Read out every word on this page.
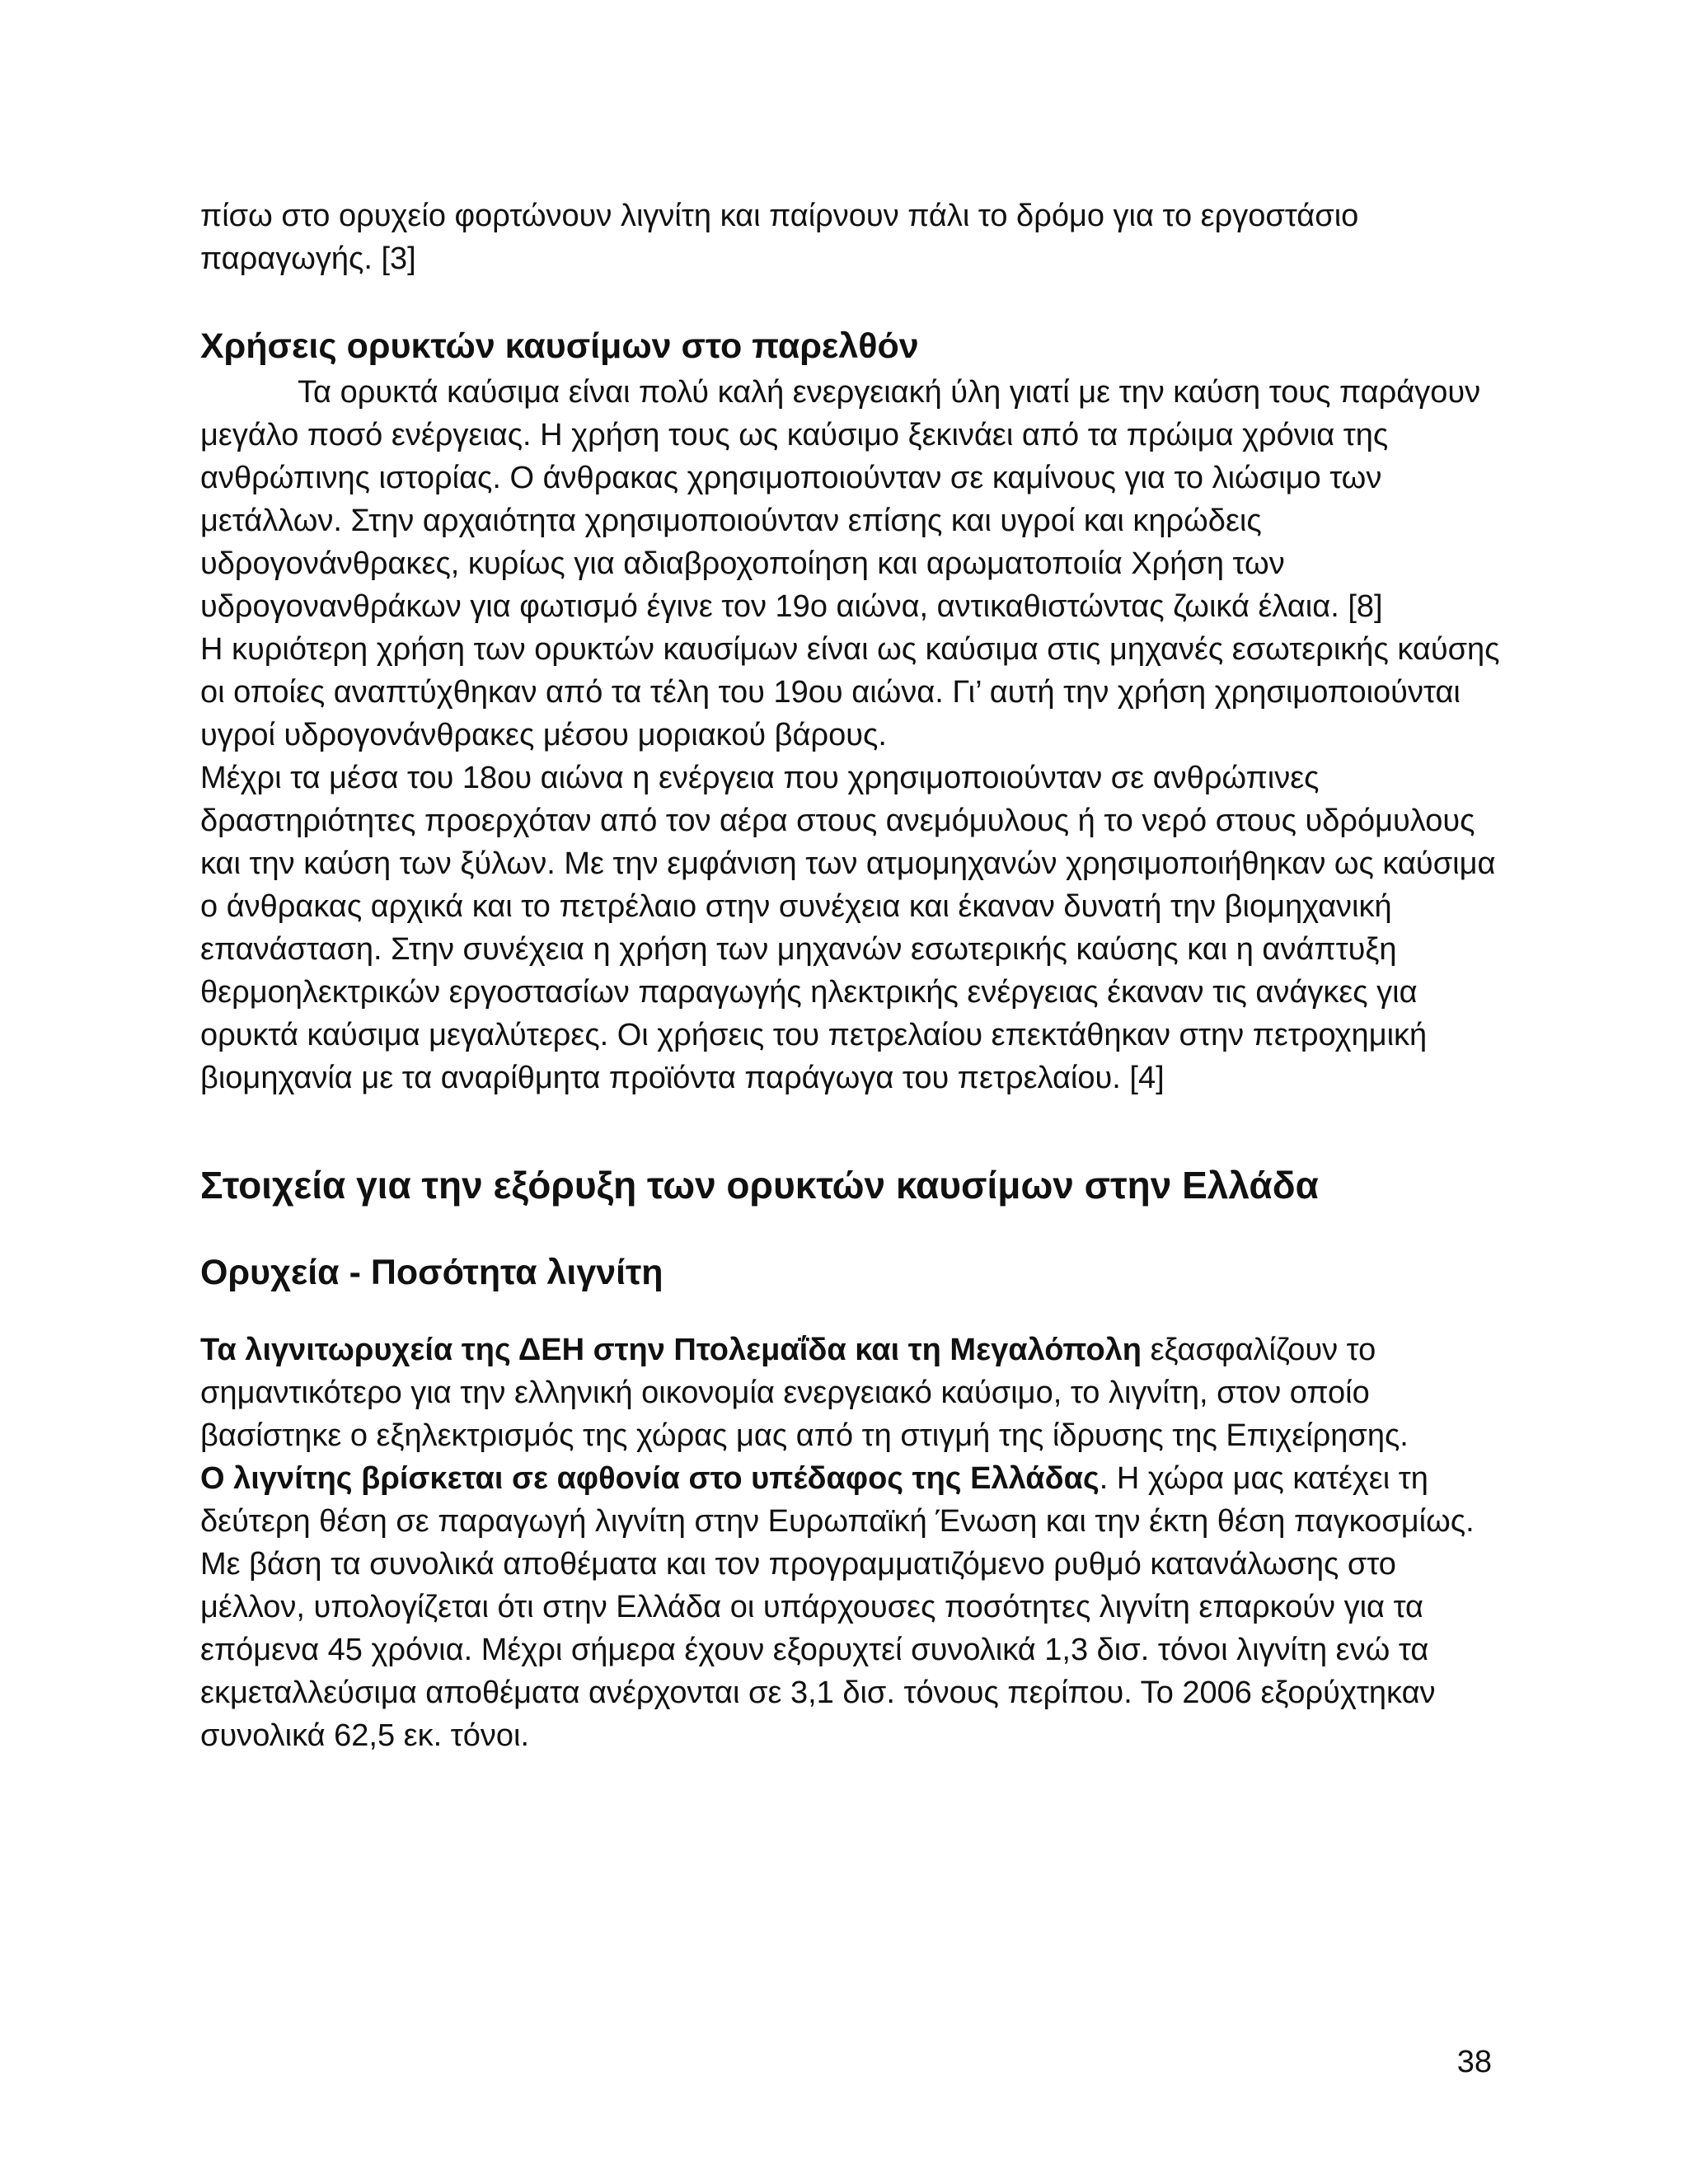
πίσω στο ορυχείο φορτώνουν λιγνίτη και παίρνουν πάλι το δρόμο για το εργοστάσιο παραγωγής. [3]

Χρήσεις ορυκτών καυσίμων στο παρελθόν

Τα ορυκτά καύσιμα είναι πολύ καλή ενεργειακή ύλη γιατί με την καύση τους παράγουν μεγάλο ποσό ενέργειας. Η χρήση τους ως καύσιμο ξεκινάει από τα πρώιμα χρόνια της ανθρώπινης ιστορίας. Ο άνθρακας χρησιμοποιούνταν σε καμίνους για το λιώσιμο των μετάλλων. Στην αρχαιότητα χρησιμοποιούνταν επίσης και υγροί και κηρώδεις υδρογονάνθρακες, κυρίως για αδιαβροχοποίηση και αρωματοποιία Χρήση των υδρογονανθράκων για φωτισμό έγινε τον 19ο αιώνα, αντικαθιστώντας ζωικά έλαια. [8]

Η κυριότερη χρήση των ορυκτών καυσίμων είναι ως καύσιμα στις μηχανές εσωτερικής καύσης οι οποίες αναπτύχθηκαν από τα τέλη του 19ου αιώνα. Γι’ αυτή την χρήση χρησιμοποιούνται υγροί υδρογονάνθρακες μέσου μοριακού βάρους.

Μέχρι τα μέσα του 18ου αιώνα η ενέργεια που χρησιμοποιούνταν σε ανθρώπινες δραστηριότητες προερχόταν από τον αέρα στους ανεμόμυλους ή το νερό στους υδρόμυλους και την καύση των ξύλων. Με την εμφάνιση των ατμομηχανών χρησιμοποιήθηκαν ως καύσιμα ο άνθρακας αρχικά και το πετρέλαιο στην συνέχεια και έκαναν δυνατή την βιομηχανική επανάσταση. Στην συνέχεια η χρήση των μηχανών εσωτερικής καύσης και η ανάπτυξη θερμοηλεκτρικών εργοστασίων παραγωγής ηλεκτρικής ενέργειας έκαναν τις ανάγκες για ορυκτά καύσιμα μεγαλύτερες. Οι χρήσεις του πετρελαίου επεκτάθηκαν στην πετροχημική βιομηχανία με τα αναρίθμητα προϊόντα παράγωγα του πετρελαίου. [4]

Στοιχεία για την εξόρυξη των ορυκτών καυσίμων στην Ελλάδα
Ορυχεία - Ποσότητα λιγνίτη

Τα λιγνιτωρυχεία της ΔΕΗ στην Πτολεμαΐδα και τη Μεγαλόπολη εξασφαλίζουν το σημαντικότερο για την ελληνική οικονομία ενεργειακό καύσιμο, το λιγνίτη, στον οποίο βασίστηκε ο εξηλεκτρισμός της χώρας μας από τη στιγμή της ίδρυσης της Επιχείρησης.
Ο λιγνίτης βρίσκεται σε αφθονία στο υπέδαφος της Ελλάδας. Η χώρα μας κατέχει τη δεύτερη θέση σε παραγωγή λιγνίτη στην Ευρωπαϊκή Ένωση και την έκτη θέση παγκοσμίως. Με βάση τα συνολικά αποθέματα και τον προγραμματιζόμενο ρυθμό κατανάλωσης στο μέλλον, υπολογίζεται ότι στην Ελλάδα οι υπάρχουσες ποσότητες λιγνίτη επαρκούν για τα επόμενα 45 χρόνια. Μέχρι σήμερα έχουν εξορυχτεί συνολικά 1,3 δισ. τόνοι λιγνίτη ενώ τα εκμεταλλεύσιμα αποθέματα ανέρχονται σε 3,1 δισ. τόνους περίπου. Το 2006 εξορύχτηκαν συνολικά 62,5 εκ. τόνοι.

38
